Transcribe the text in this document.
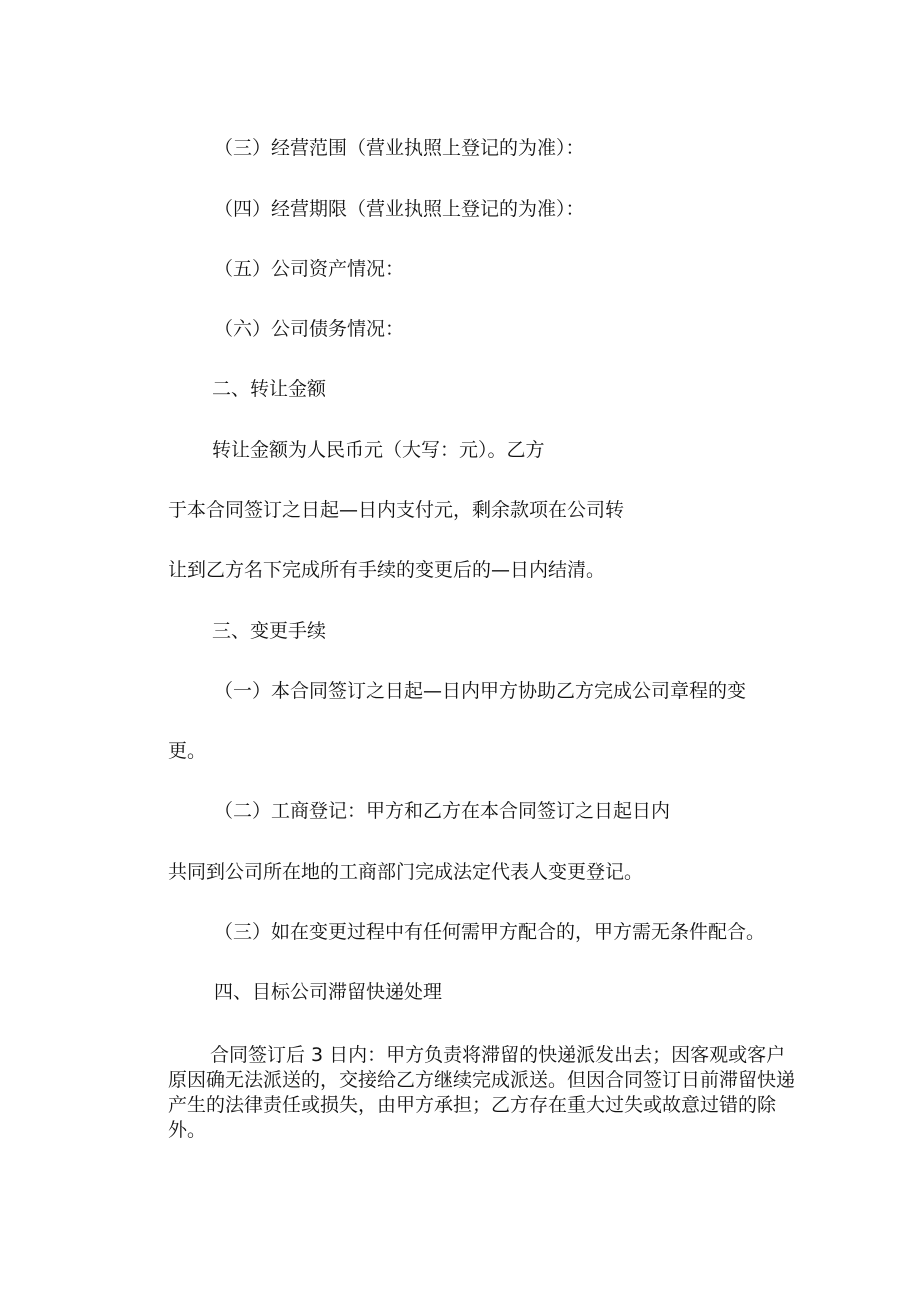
（三）经营范围（营业执照上登记的为准）：

（四）经营期限（营业执照上登记的为准）：

（五）公司资产情况：

（六）公司债务情况：

二、转让金额

转让金额为人民币元（大写：元）。乙方

于本合同签订之日起—日内支付元，剩余款项在公司转

让到乙方名下完成所有手续的变更后的—日内结清。

三、变更手续

（一）本合同签订之日起—日内甲方协助乙方完成公司章程的变

更。

（二）工商登记：甲方和乙方在本合同签订之日起日内

共同到公司所在地的工商部门完成法定代表人变更登记。

（三）如在变更过程中有任何需甲方配合的，甲方需无条件配合。

四、目标公司滞留快递处理

合同签订后 3 日内：甲方负责将滞留的快递派发出去；因客观或客户原因确无法派送的，交接给乙方继续完成派送。但因合同签订日前滞留快递产生的法律责任或损失，由甲方承担；乙方存在重大过失或故意过错的除外。
